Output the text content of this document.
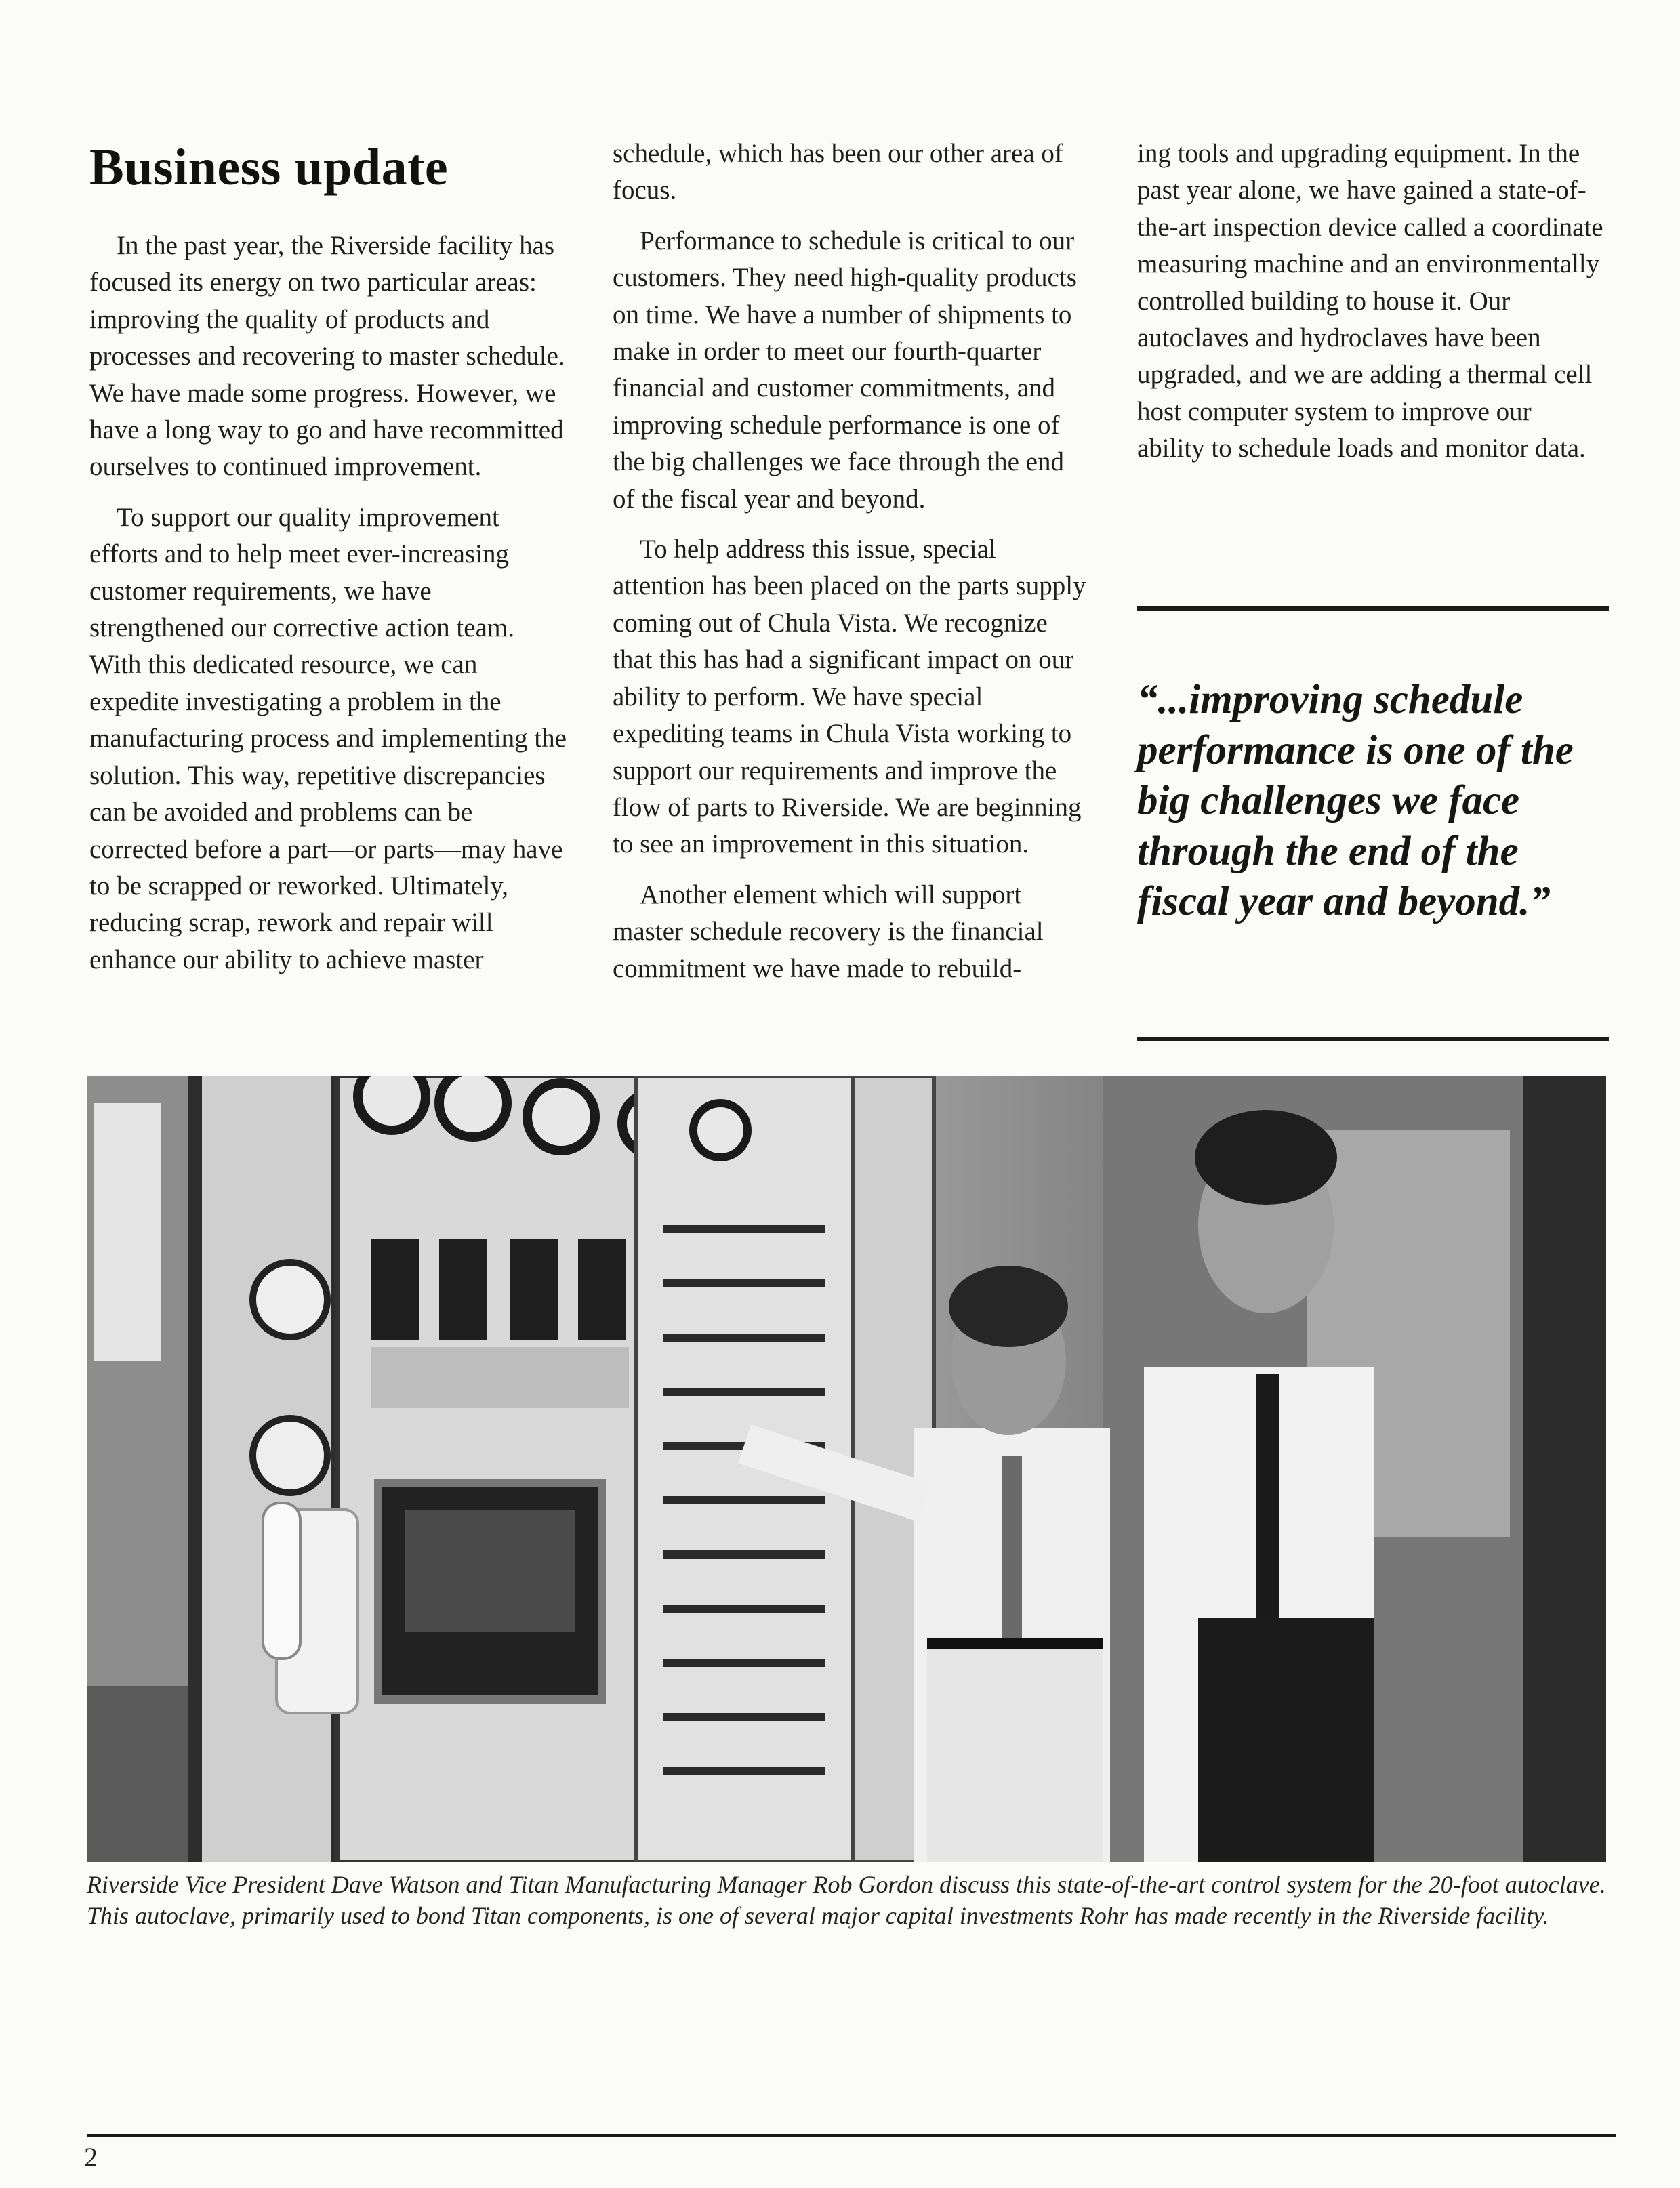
Business update

In the past year, the Riverside facility has focused its energy on two particular areas: improving the quality of products and processes and recovering to master schedule. We have made some progress. However, we have a long way to go and have recommitted ourselves to continued improvement.

To support our quality improvement efforts and to help meet ever-increasing customer requirements, we have strengthened our corrective action team. With this dedicated resource, we can expedite investigating a problem in the manufacturing process and implementing the solution. This way, repetitive discrepancies can be avoided and problems can be corrected before a part—or parts—may have to be scrapped or reworked. Ultimately, reducing scrap, rework and repair will enhance our ability to achieve master

schedule, which has been our other area of focus.

Performance to schedule is critical to our customers. They need high-quality products on time. We have a number of shipments to make in order to meet our fourth-quarter financial and customer commitments, and improving schedule performance is one of the big challenges we face through the end of the fiscal year and beyond.

To help address this issue, special attention has been placed on the parts supply coming out of Chula Vista. We recognize that this has had a significant impact on our ability to perform. We have special expediting teams in Chula Vista working to support our requirements and improve the flow of parts to Riverside. We are beginning to see an improvement in this situation.

Another element which will support master schedule recovery is the financial commitment we have made to rebuild-

ing tools and upgrading equipment. In the past year alone, we have gained a state-of-the-art inspection device called a coordinate measuring machine and an environmentally controlled building to house it. Our autoclaves and hydroclaves have been upgraded, and we are adding a thermal cell host computer system to improve our ability to schedule loads and monitor data.

“...improving schedule performance is one of the big challenges we face through the end of the fiscal year and beyond.”

Riverside Vice President Dave Watson and Titan Manufacturing Manager Rob Gordon discuss this state-of-the-art control system for the 20-foot autoclave. This autoclave, primarily used to bond Titan components, is one of several major capital investments Rohr has made recently in the Riverside facility.

2
